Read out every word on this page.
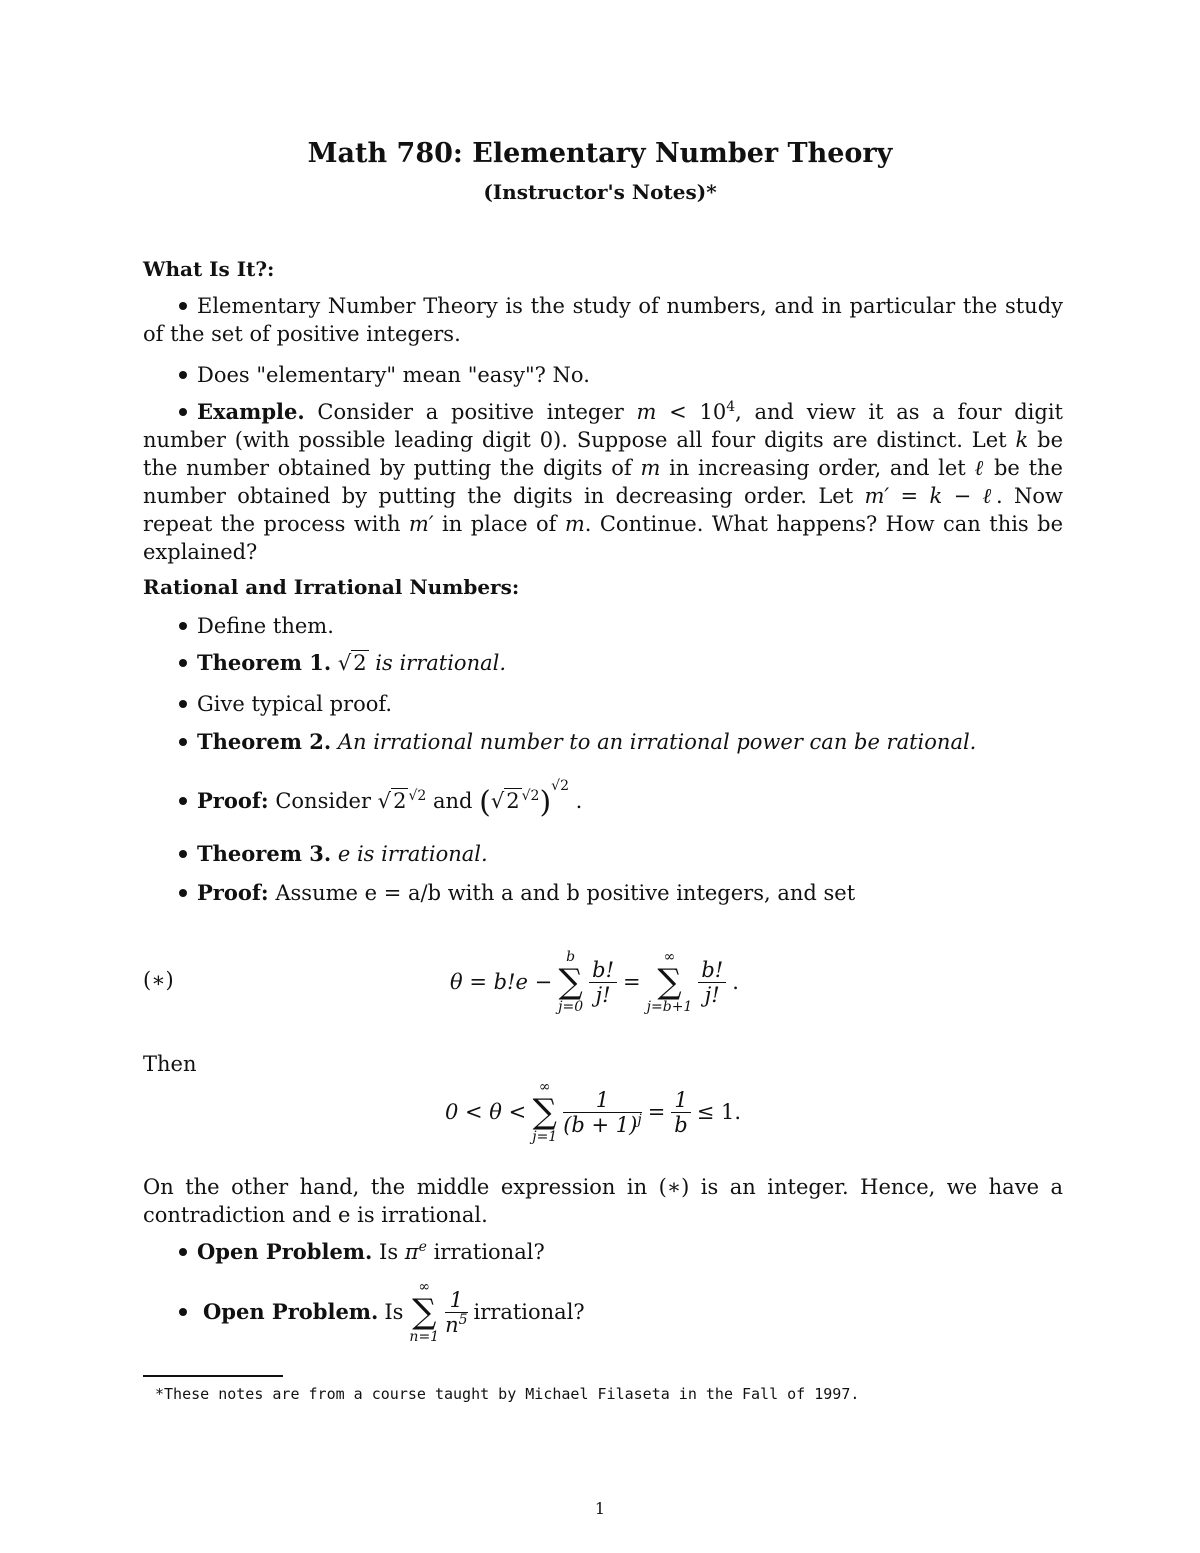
Math 780: Elementary Number Theory
(Instructor's Notes)*
What Is It?:
Elementary Number Theory is the study of numbers, and in particular the study of the set of positive integers.
Does "elementary" mean "easy"? No.
Example. Consider a positive integer $m < 10^4$, and view it as a four digit number (with possible leading digit 0). Suppose all four digits are distinct. Let k be the number obtained by putting the digits of m in increasing order, and let ℓ be the number obtained by putting the digits in decreasing order. Let m′ = k − ℓ. Now repeat the process with m′ in place of m. Continue. What happens? How can this be explained?
Rational and Irrational Numbers:
Define them.
Theorem 1. √2 is irrational.
Give typical proof.
Theorem 2. An irrational number to an irrational power can be rational.
Proof: Consider √2 $^{√2}$ and (√2 $^{√2}$)$^{√2}$ .
Theorem 3. e is irrational.
Proof: Assume e = a/b with a and b positive integers, and set
(∗)	θ = b!e −
b
∑
j=0
$\frac{b!}{j!}$ =
∞
∑
j=b+1
$\frac{b!}{j!}$ .
Then
0 < θ <
∞
∑
j=1
$\frac{1}{(b + 1)^j} = \frac{1}{b} \le 1$.
On the other hand, the middle expression in (∗) is an integer. Hence, we have a contradiction and e is irrational.
Open Problem. Is $\pi^e$ irrational?
Open Problem. Is
∞
∑
n=1
$\frac{1}{n^5}$ irrational?
*These notes are from a course taught by Michael Filaseta in the Fall of 1997.
1
